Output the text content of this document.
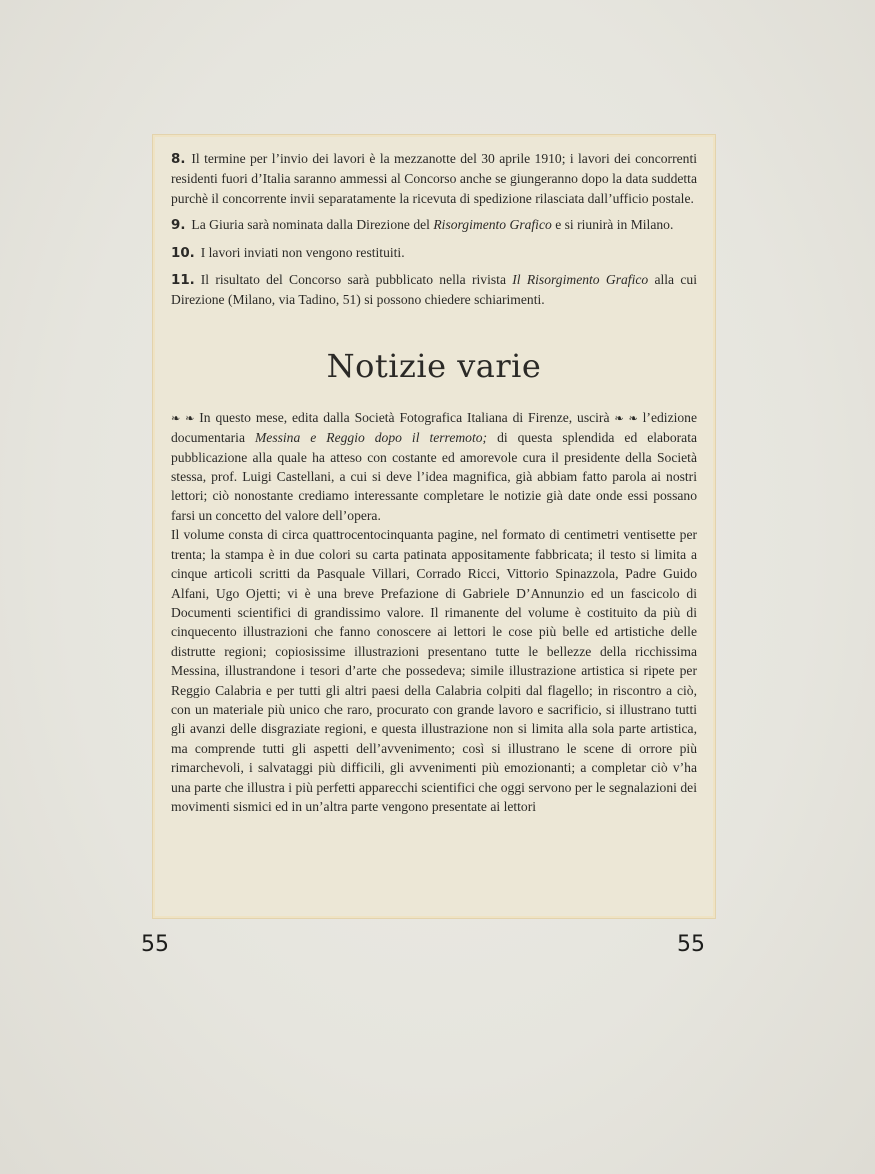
8. Il termine per l’invio dei lavori è la mezzanotte del 30 aprile 1910; i lavori dei concorrenti residenti fuori d’Italia saranno ammessi al Concorso anche se giungeranno dopo la data suddetta purchè il concorrente invii separatamente la ricevuta di spedizione rilasciata dall’ufficio postale.

9. La Giuria sarà nominata dalla Direzione del Risorgimento Grafico e si riunirà in Milano.

10. I lavori inviati non vengono restituiti.

11. Il risultato del Concorso sarà pubblicato nella rivista Il Risorgimento Grafico alla cui Direzione (Milano, via Tadino, 51) si possono chiedere schiarimenti.

Notizie varie

❧ ❧ In questo mese, edita dalla Società Fotografica Italiana di Firenze, uscirà ❧ ❧ l’edizione documentaria Messina e Reggio dopo il terremoto; di questa splendida ed elaborata pubblicazione alla quale ha atteso con costante ed amorevole cura il presidente della Società stessa, prof. Luigi Castellani, a cui si deve l’idea magnifica, già abbiam fatto parola ai nostri lettori; ciò nonostante crediamo interessante completare le notizie già date onde essi possano farsi un concetto del valore dell’opera.

Il volume consta di circa quattrocentocinquanta pagine, nel formato di centimetri ventisette per trenta; la stampa è in due colori su carta patinata appositamente fabbricata; il testo si limita a cinque articoli scritti da Pasquale Villari, Corrado Ricci, Vittorio Spinazzola, Padre Guido Alfani, Ugo Ojetti; vi è una breve Prefazione di Gabriele D’Annunzio ed un fascicolo di Documenti scientifici di grandissimo valore. Il rimanente del volume è costituito da più di cinquecento illustrazioni che fanno conoscere ai lettori le cose più belle ed artistiche delle distrutte regioni; copiosissime illustrazioni presentano tutte le bellezze della ricchissima Messina, illustrandone i tesori d’arte che possedeva; simile illustrazione artistica si ripete per Reggio Calabria e per tutti gli altri paesi della Calabria colpiti dal flagello; in riscontro a ciò, con un materiale più unico che raro, procurato con grande lavoro e sacrificio, si illustrano tutti gli avanzi delle disgraziate regioni, e questa illustrazione non si limita alla sola parte artistica, ma comprende tutti gli aspetti dell’avvenimento; così si illustrano le scene di orrore più rimarchevoli, i salvataggi più difficili, gli avvenimenti più emozionanti; a completar ciò v’ha una parte che illustra i più perfetti apparecchi scientifici che oggi servono per le segnalazioni dei movimenti sismici ed in un’altra parte vengono presentate ai lettori

55	55
